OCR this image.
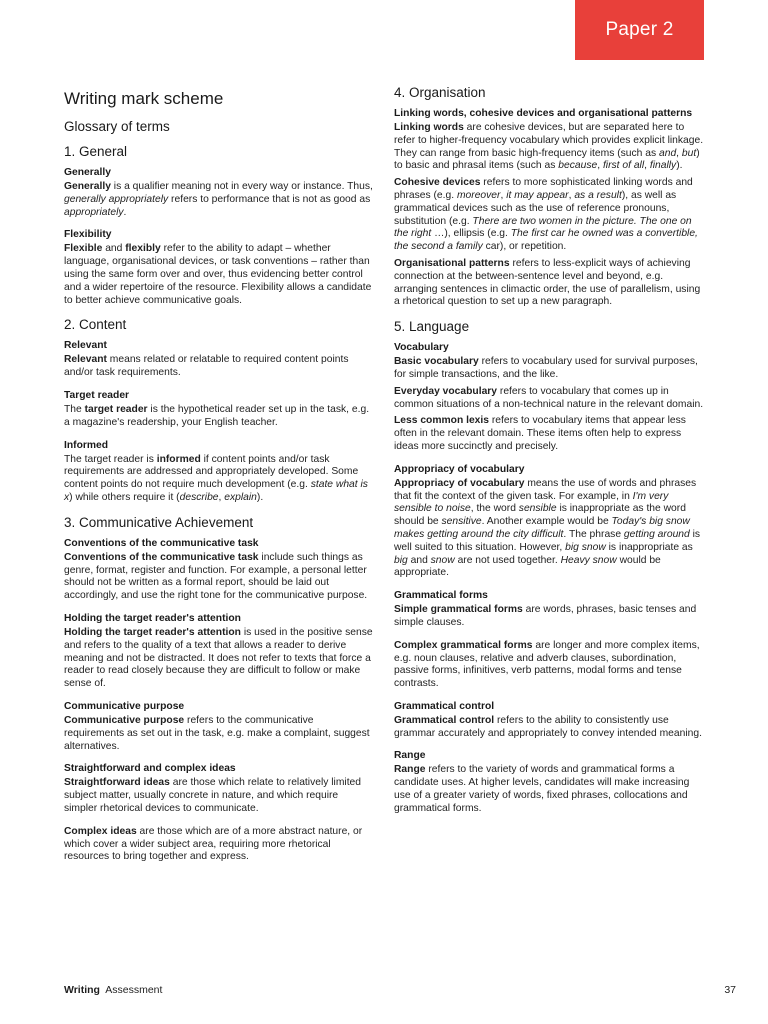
Paper 2
Writing mark scheme
Glossary of terms
1. General
Generally

Generally is a qualifier meaning not in every way or instance. Thus, generally appropriately refers to performance that is not as good as appropriately.

Flexibility

Flexible and flexibly refer to the ability to adapt – whether language, organisational devices, or task conventions – rather than using the same form over and over, thus evidencing better control and a wider repertoire of the resource. Flexibility allows a candidate to better achieve communicative goals.

2. Content
Relevant

Relevant means related or relatable to required content points and/or task requirements.

Target reader

The target reader is the hypothetical reader set up in the task, e.g. a magazine's readership, your English teacher.

Informed

The target reader is informed if content points and/or task requirements are addressed and appropriately developed. Some content points do not require much development (e.g. state what is x) while others require it (describe, explain).

3. Communicative Achievement
Conventions of the communicative task

Conventions of the communicative task include such things as genre, format, register and function. For example, a personal letter should not be written as a formal report, should be laid out accordingly, and use the right tone for the communicative purpose.

Holding the target reader's attention

Holding the target reader's attention is used in the positive sense and refers to the quality of a text that allows a reader to derive meaning and not be distracted. It does not refer to texts that force a reader to read closely because they are difficult to follow or make sense of.

Communicative purpose

Communicative purpose refers to the communicative requirements as set out in the task, e.g. make a complaint, suggest alternatives.

Straightforward and complex ideas

Straightforward ideas are those which relate to relatively limited subject matter, usually concrete in nature, and which require simpler rhetorical devices to communicate.

Complex ideas are those which are of a more abstract nature, or which cover a wider subject area, requiring more rhetorical resources to bring together and express.

4. Organisation
Linking words, cohesive devices and organisational patterns

Linking words are cohesive devices, but are separated here to refer to higher-frequency vocabulary which provides explicit linkage. They can range from basic high-frequency items (such as and, but) to basic and phrasal items (such as because, first of all, finally).

Cohesive devices refers to more sophisticated linking words and phrases (e.g. moreover, it may appear, as a result), as well as grammatical devices such as the use of reference pronouns, substitution (e.g. There are two women in the picture. The one on the right …), ellipsis (e.g. The first car he owned was a convertible, the second a family car), or repetition.

Organisational patterns refers to less-explicit ways of achieving connection at the between-sentence level and beyond, e.g. arranging sentences in climactic order, the use of parallelism, using a rhetorical question to set up a new paragraph.

5. Language
Vocabulary

Basic vocabulary refers to vocabulary used for survival purposes, for simple transactions, and the like.

Everyday vocabulary refers to vocabulary that comes up in common situations of a non-technical nature in the relevant domain.

Less common lexis refers to vocabulary items that appear less often in the relevant domain. These items often help to express ideas more succinctly and precisely.

Appropriacy of vocabulary

Appropriacy of vocabulary means the use of words and phrases that fit the context of the given task. For example, in I'm very sensible to noise, the word sensible is inappropriate as the word should be sensitive. Another example would be Today's big snow makes getting around the city difficult. The phrase getting around is well suited to this situation. However, big snow is inappropriate as big and snow are not used together. Heavy snow would be appropriate.

Grammatical forms

Simple grammatical forms are words, phrases, basic tenses and simple clauses.

Complex grammatical forms are longer and more complex items, e.g. noun clauses, relative and adverb clauses, subordination, passive forms, infinitives, verb patterns, modal forms and tense contrasts.

Grammatical control

Grammatical control refers to the ability to consistently use grammar accurately and appropriately to convey intended meaning.

Range

Range refers to the variety of words and grammatical forms a candidate uses. At higher levels, candidates will make increasing use of a greater variety of words, fixed phrases, collocations and grammatical forms.

Writing Assessment	37
